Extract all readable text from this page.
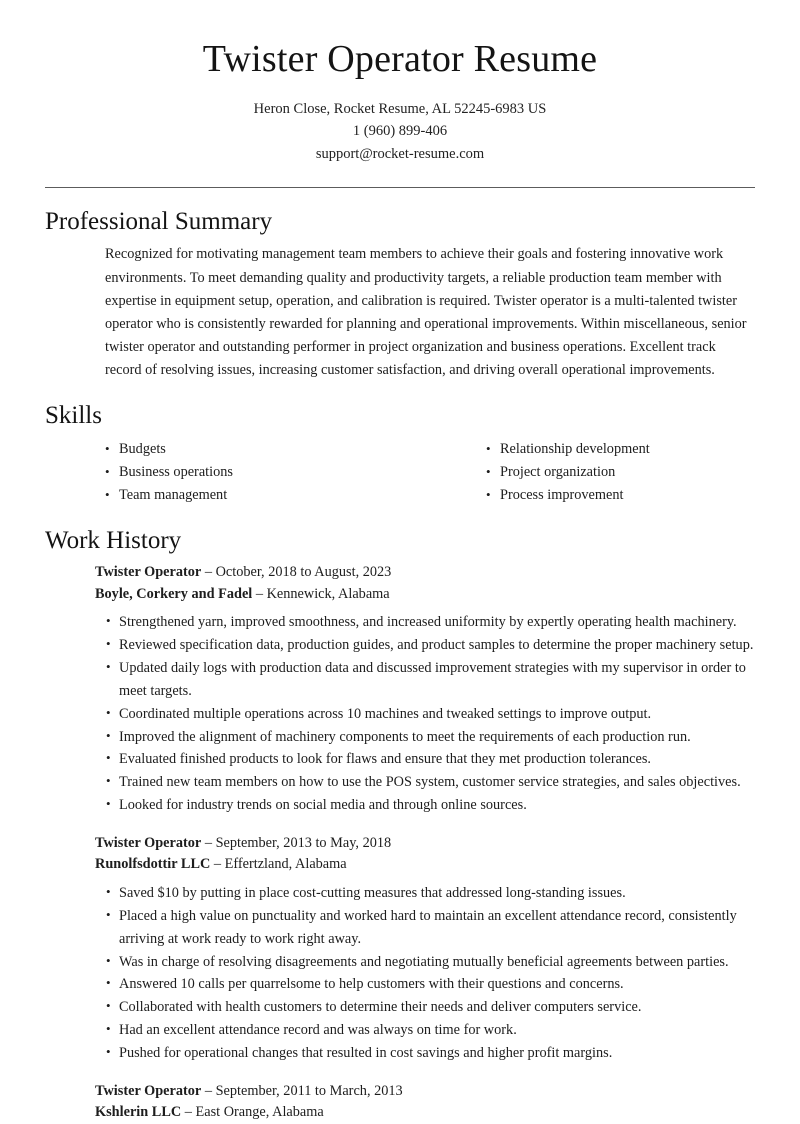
Twister Operator Resume
Heron Close, Rocket Resume, AL 52245-6983 US
1 (960) 899-406
support@rocket-resume.com
Professional Summary

Recognized for motivating management team members to achieve their goals and fostering innovative work environments. To meet demanding quality and productivity targets, a reliable production team member with expertise in equipment setup, operation, and calibration is required. Twister operator is a multi-talented twister operator who is consistently rewarded for planning and operational improvements. Within miscellaneous, senior twister operator and outstanding performer in project organization and business operations. Excellent track record of resolving issues, increasing customer satisfaction, and driving overall operational improvements.

Skills
• Budgets
• Business operations
• Team management
• Relationship development
• Project organization
• Process improvement
Work History
Twister Operator – October, 2018 to August, 2023
Boyle, Corkery and Fadel – Kennewick, Alabama
• Strengthened yarn, improved smoothness, and increased uniformity by expertly operating health machinery.
• Reviewed specification data, production guides, and product samples to determine the proper machinery setup.
• Updated daily logs with production data and discussed improvement strategies with my supervisor in order to meet targets.
• Coordinated multiple operations across 10 machines and tweaked settings to improve output.
• Improved the alignment of machinery components to meet the requirements of each production run.
• Evaluated finished products to look for flaws and ensure that they met production tolerances.
• Trained new team members on how to use the POS system, customer service strategies, and sales objectives.
• Looked for industry trends on social media and through online sources.
Twister Operator – September, 2013 to May, 2018
Runolfsdottir LLC – Effertzland, Alabama
• Saved $10 by putting in place cost-cutting measures that addressed long-standing issues.
• Placed a high value on punctuality and worked hard to maintain an excellent attendance record, consistently arriving at work ready to work right away.
• Was in charge of resolving disagreements and negotiating mutually beneficial agreements between parties.
• Answered 10 calls per quarrelsome to help customers with their questions and concerns.
• Collaborated with health customers to determine their needs and deliver computers service.
• Had an excellent attendance record and was always on time for work.
• Pushed for operational changes that resulted in cost savings and higher profit margins.
Twister Operator – September, 2011 to March, 2013
Kshlerin LLC – East Orange, Alabama
